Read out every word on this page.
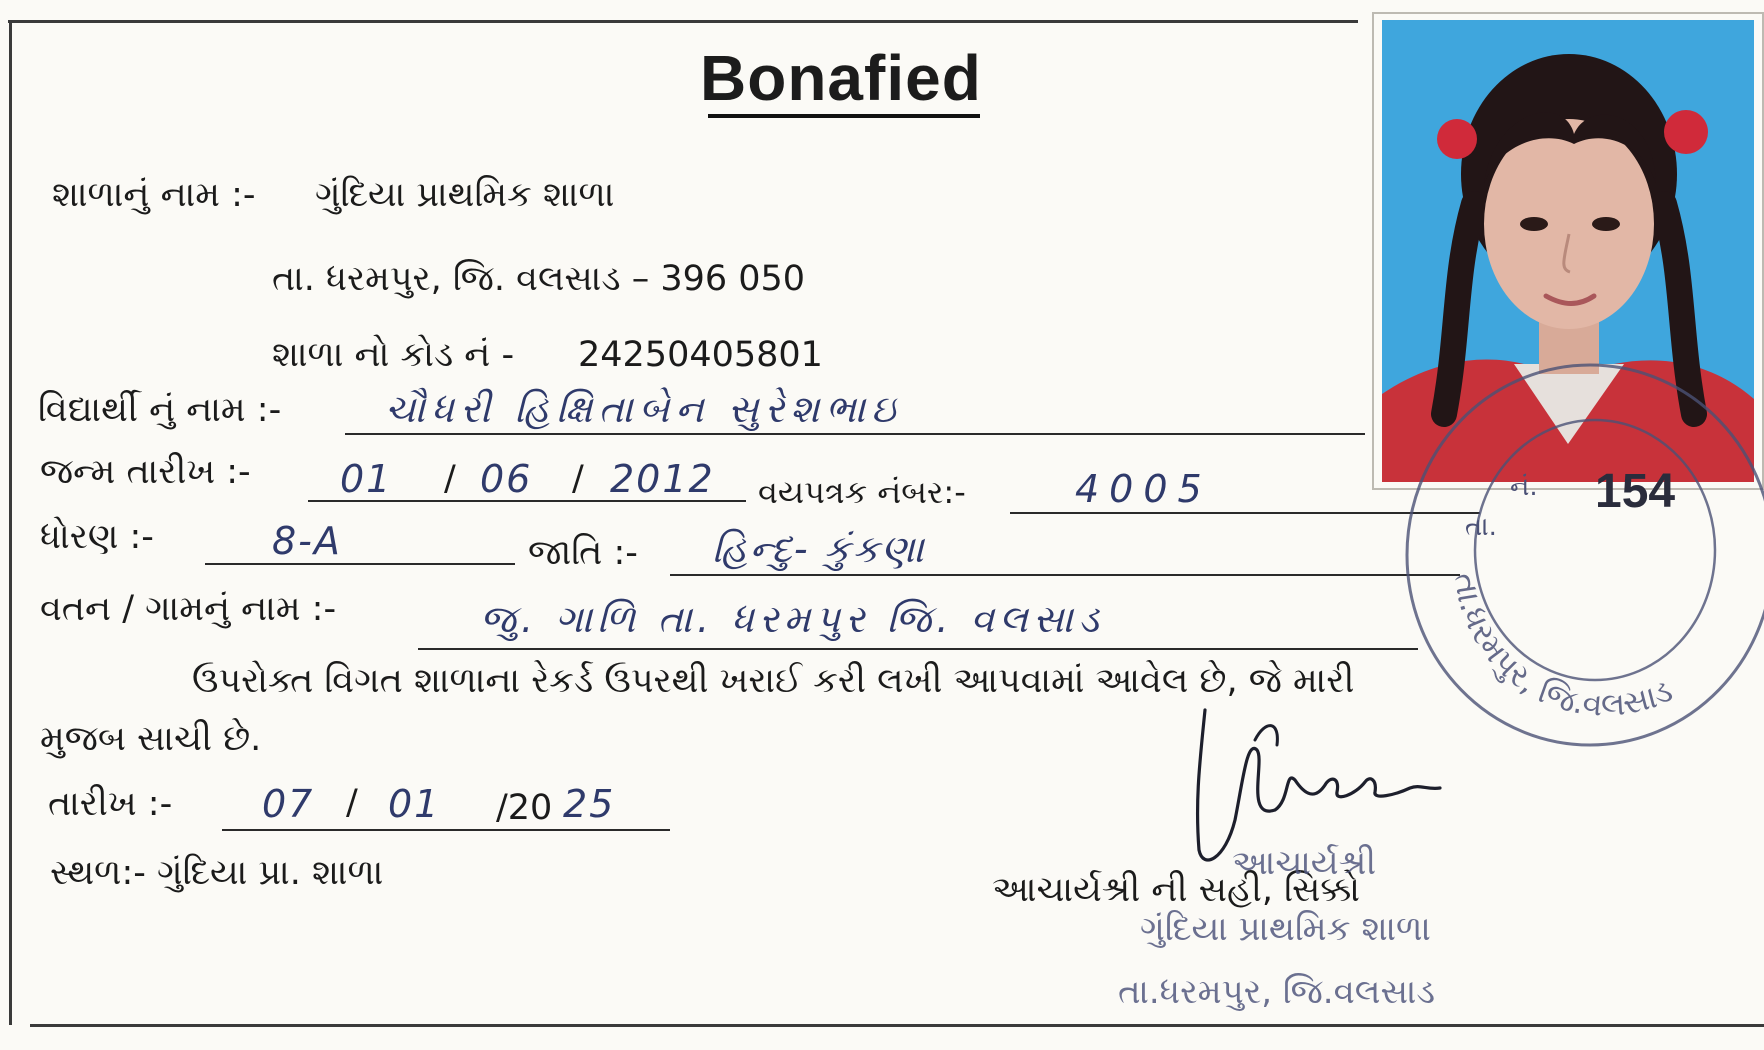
Bonafied
શાળાનું નામ :- ગુંદિયા પ્રાથમિક શાળા
તા. ધરમપુર, જિ. વલસાડ – 396 050
શાળા નો કોડ નં - 24250405801
વિદ્યાર્થી નું નામ :-	ચૌધરી હિક્ષિતાબેન સુરેશભાઇ
જન્મ તારીખ :- 01 / 06 / 2012 વયપત્રક નંબર:-	4005
ધોરણ :-	8-A	જાતિ :- હિન્દુ- કુંકણા
વતન / ગામનું નામ :-	જુ. ગાળિ તા. ધરમપુર જિ. વલસાડ
ઉપરોક્ત વિગત શાળાના રેકર્ડ ઉપરથી ખરાઈ કરી લખી આપવામાં આવેલ છે, જે મારી
મુજબ સાચી છે.
તારીખ :- 07 / 01 /20 25
સ્થળ:- ગુંદિયા પ્રા. શાળા	આચાર્યશ્રી ની સહી, સિક્કો
આચાર્યશ્રી
ગુંદિયા પ્રાથમિક શાળા
તા.ધરમપુર, જિ.વલસાડ
તા.ધરમપુર, જિ.વલસાડ
નં. 154
તા.
